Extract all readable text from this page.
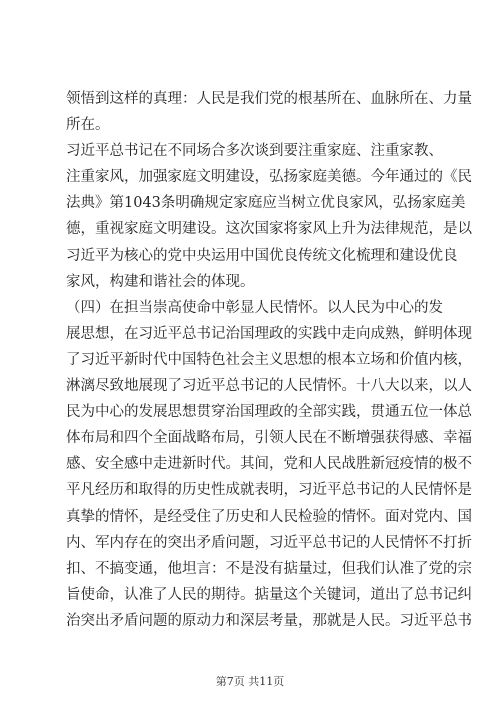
领悟到这样的真理：人民是我们党的根基所在、血脉所在、力量
所在。
习近平总书记在不同场合多次谈到要注重家庭、注重家教、
注重家风，加强家庭文明建设，弘扬家庭美德。今年通过的《民
法典》第1043条明确规定家庭应当树立优良家风，弘扬家庭美
德，重视家庭文明建设。这次国家将家风上升为法律规范，是以
习近平为核心的党中央运用中国优良传统文化梳理和建设优良
家风，构建和谐社会的体现。
（四）在担当崇高使命中彰显人民情怀。以人民为中心的发
展思想，在习近平总书记治国理政的实践中走向成熟，鲜明体现
了习近平新时代中国特色社会主义思想的根本立场和价值内核，
淋漓尽致地展现了习近平总书记的人民情怀。十八大以来，以人
民为中心的发展思想贯穿治国理政的全部实践，贯通五位一体总
体布局和四个全面战略布局，引领人民在不断增强获得感、幸福
感、安全感中走进新时代。其间，党和人民战胜新冠疫情的极不
平凡经历和取得的历史性成就表明，习近平总书记的人民情怀是
真挚的情怀，是经受住了历史和人民检验的情怀。面对党内、国
内、军内存在的突出矛盾问题，习近平总书记的人民情怀不打折
扣、不搞变通，他坦言：不是没有掂量过，但我们认准了党的宗
旨使命，认准了人民的期待。掂量这个关键词，道出了总书记纠
治突出矛盾问题的原动力和深层考量，那就是人民。习近平总书
第7页 共11页
